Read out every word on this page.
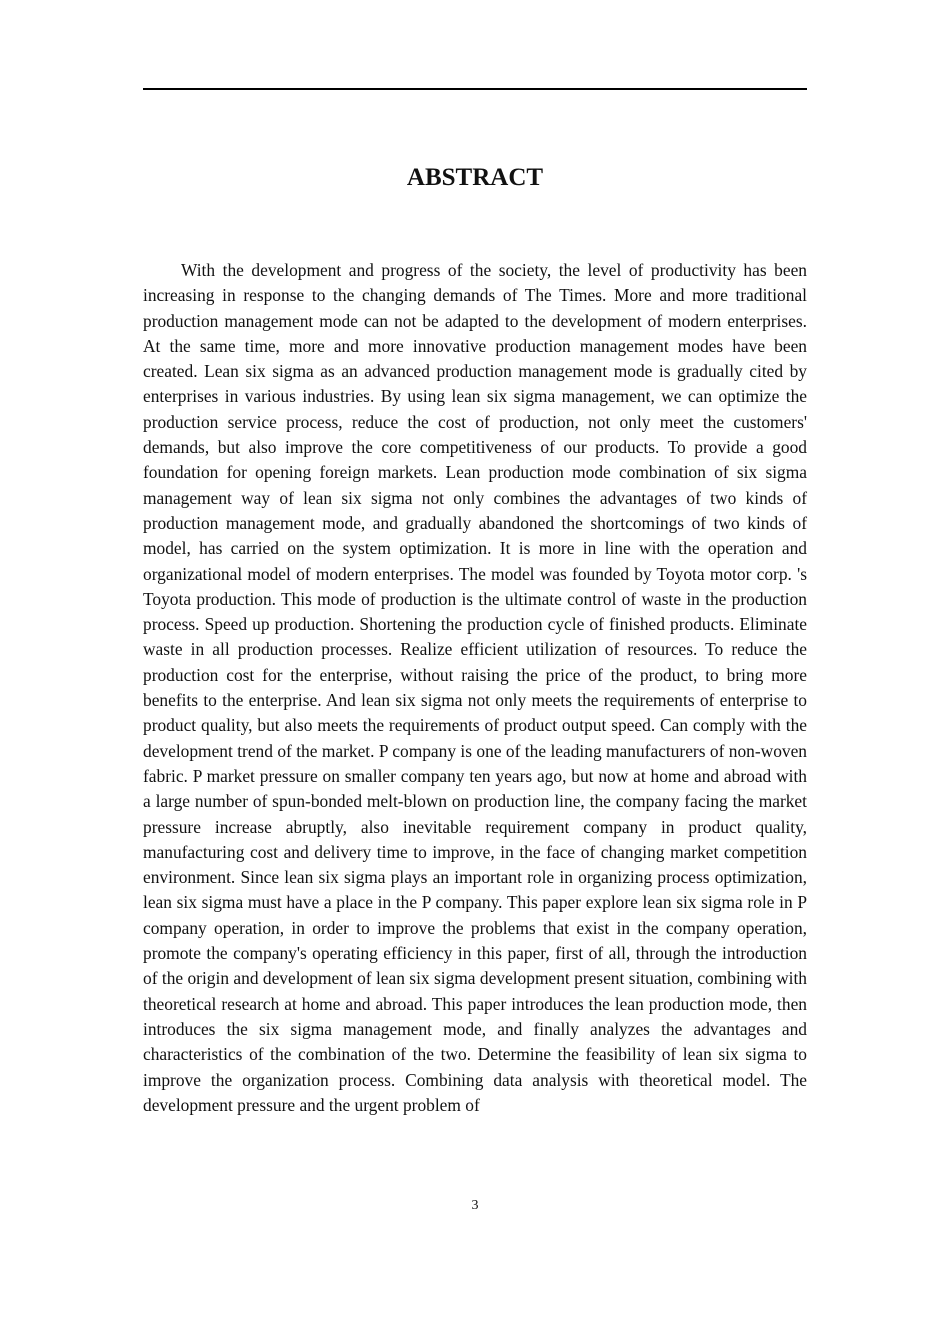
ABSTRACT

With the development and progress of the society, the level of productivity has been increasing in response to the changing demands of The Times. More and more traditional production management mode can not be adapted to the development of modern enterprises. At the same time, more and more innovative production management modes have been created. Lean six sigma as an advanced production management mode is gradually cited by enterprises in various industries. By using lean six sigma management, we can optimize the production service process, reduce the cost of production, not only meet the customers' demands, but also improve the core competitiveness of our products. To provide a good foundation for opening foreign markets. Lean production mode combination of six sigma management way of lean six sigma not only combines the advantages of two kinds of production management mode, and gradually abandoned the shortcomings of two kinds of model, has carried on the system optimization. It is more in line with the operation and organizational model of modern enterprises. The model was founded by Toyota motor corp. 's Toyota production. This mode of production is the ultimate control of waste in the production process. Speed up production. Shortening the production cycle of finished products. Eliminate waste in all production processes. Realize efficient utilization of resources. To reduce the production cost for the enterprise, without raising the price of the product, to bring more benefits to the enterprise. And lean six sigma not only meets the requirements of enterprise to product quality, but also meets the requirements of product output speed. Can comply with the development trend of the market. P company is one of the leading manufacturers of non-woven fabric. P market pressure on smaller company ten years ago, but now at home and abroad with a large number of spun-bonded melt-blown on production line, the company facing the market pressure increase abruptly, also inevitable requirement company in product quality, manufacturing cost and delivery time to improve, in the face of changing market competition environment. Since lean six sigma plays an important role in organizing process optimization, lean six sigma must have a place in the P company. This paper explore lean six sigma role in P company operation, in order to improve the problems that exist in the company operation, promote the company's operating efficiency in this paper, first of all, through the introduction of the origin and development of lean six sigma development present situation, combining with theoretical research at home and abroad. This paper introduces the lean production mode, then introduces the six sigma management mode, and finally analyzes the advantages and characteristics of the combination of the two. Determine the feasibility of lean six sigma to improve the organization process. Combining data analysis with theoretical model. The development pressure and the urgent problem of

3
